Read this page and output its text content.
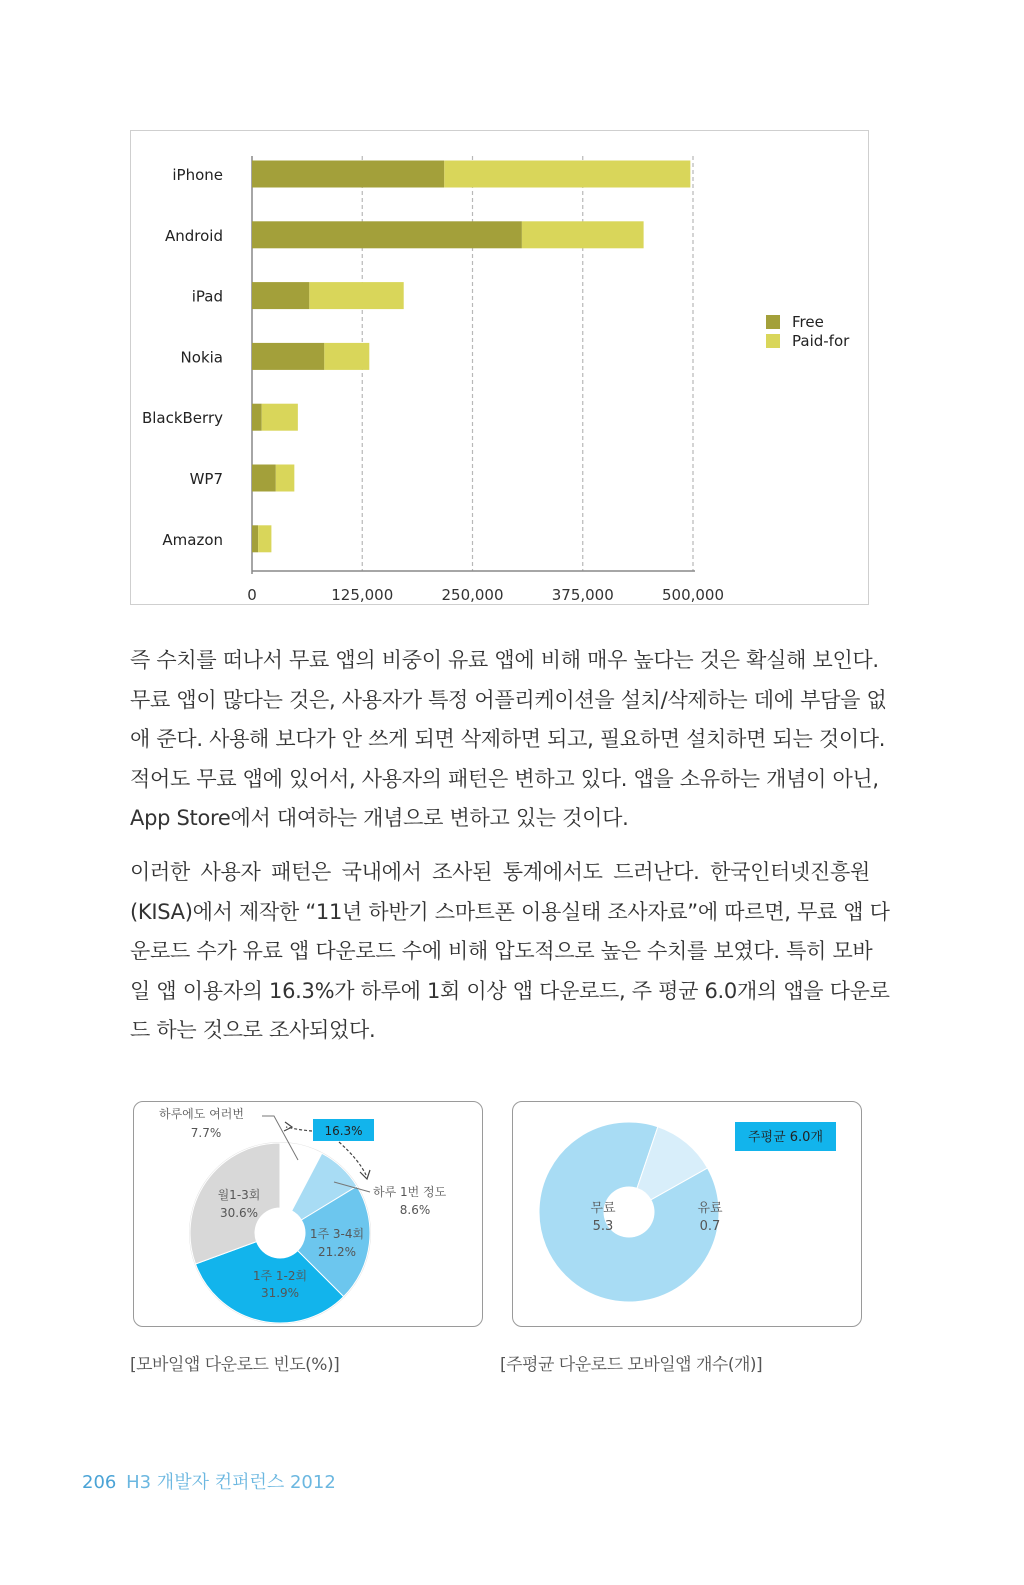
0	125,000	250,000	375,000	500,000
iPhone
Android
iPad
Nokia
BlackBerry
WP7
Amazon
Free
Paid-for
즉 수치를 떠나서 무료 앱의 비중이 유료 앱에 비해 매우 높다는 것은 확실해 보인다.
무료 앱이 많다는 것은, 사용자가 특정 어플리케이션을 설치/삭제하는 데에 부담을 없
애 준다. 사용해 보다가 안 쓰게 되면 삭제하면 되고, 필요하면 설치하면 되는 것이다.
적어도 무료 앱에 있어서, 사용자의 패턴은 변하고 있다. 앱을 소유하는 개념이 아닌,
App Store에서 대여하는 개념으로 변하고 있는 것이다.
이러한 사용자 패턴은 국내에서 조사된 통계에서도 드러난다. 한국인터넷진흥원
(KISA)에서 제작한 “11년 하반기 스마트폰 이용실태 조사자료”에 따르면, 무료 앱 다
운로드 수가 유료 앱 다운로드 수에 비해 압도적으로 높은 수치를 보였다. 특히 모바
일 앱 이용자의 16.3%가 하루에 1회 이상 앱 다운로드, 주 평균 6.0개의 앱을 다운로
드 하는 것으로 조사되었다.
하루에도 여러번
7.7%
하루 1번 정도
8.6%
1주 3-4회
21.2%
1주 1-2회
31.9%
월1-3회
30.6%
16.3%
무료
5.3
유료
0.7
주평균 6.0개
[모바일앱 다운로드 빈도(%)]	[주평균 다운로드 모바일앱 개수(개)]
206 H3 개발자 컨퍼런스 2012
